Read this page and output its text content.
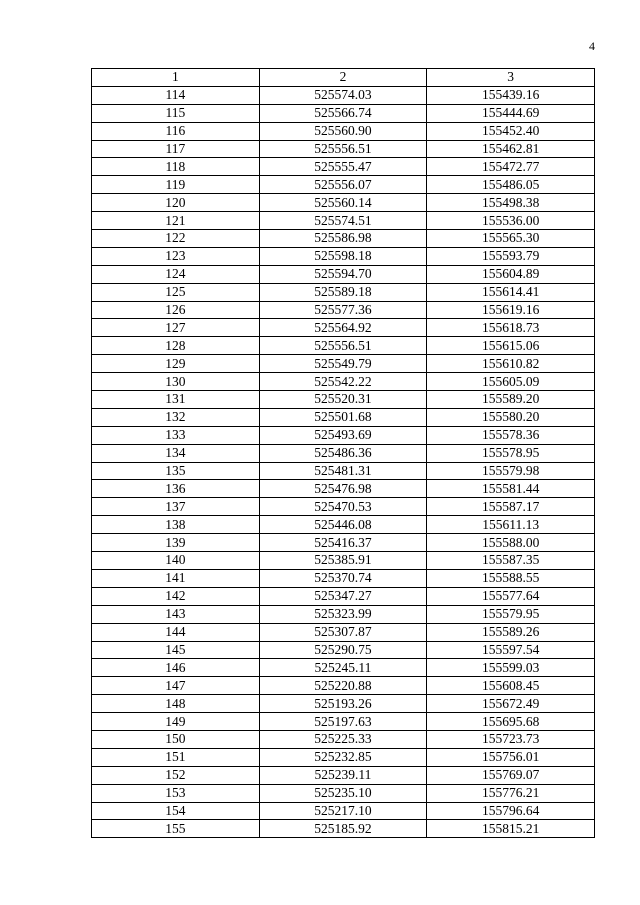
4
1	2	3
114	525574.03	155439.16
115	525566.74	155444.69
116	525560.90	155452.40
117	525556.51	155462.81
118	525555.47	155472.77
119	525556.07	155486.05
120	525560.14	155498.38
121	525574.51	155536.00
122	525586.98	155565.30
123	525598.18	155593.79
124	525594.70	155604.89
125	525589.18	155614.41
126	525577.36	155619.16
127	525564.92	155618.73
128	525556.51	155615.06
129	525549.79	155610.82
130	525542.22	155605.09
131	525520.31	155589.20
132	525501.68	155580.20
133	525493.69	155578.36
134	525486.36	155578.95
135	525481.31	155579.98
136	525476.98	155581.44
137	525470.53	155587.17
138	525446.08	155611.13
139	525416.37	155588.00
140	525385.91	155587.35
141	525370.74	155588.55
142	525347.27	155577.64
143	525323.99	155579.95
144	525307.87	155589.26
145	525290.75	155597.54
146	525245.11	155599.03
147	525220.88	155608.45
148	525193.26	155672.49
149	525197.63	155695.68
150	525225.33	155723.73
151	525232.85	155756.01
152	525239.11	155769.07
153	525235.10	155776.21
154	525217.10	155796.64
155	525185.92	155815.21
